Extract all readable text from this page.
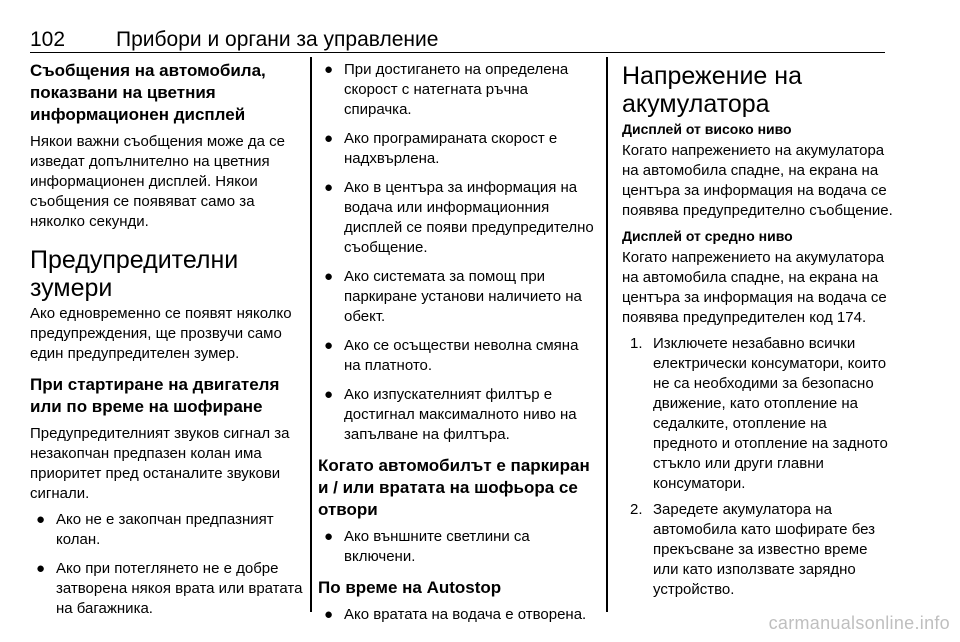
102 Прибори и органи за управление
Съобщения на автомобила, показвани на цветния информационен дисплей
Някои важни съобщения може да се изведат допълнително на цветния информационен дисплей. Някои съобщения се появяват само за няколко секунди.
Предупредителни зумери
Ако едновременно се появят няколко предупреждения, ще прозвучи само един предупредителен зумер.
При стартиране на двигателя или по време на шофиране
Предупредителният звуков сигнал за незакопчан предпазен колан има приоритет пред останалите звукови сигнали.
● Ако не е закопчан предпазният колан.
● Ако при потеглянето не е добре затворена някоя врата или вратата на багажника.
● При достигането на определена скорост с натегната ръчна спирачка.
● Ако програмираната скорост е надхвърлена.
● Ако в центъра за информация на водача или информационния дисплей се появи предупредително съобщение.
● Ако системата за помощ при паркиране установи наличието на обект.
● Ако се осъществи неволна смяна на платното.
● Ако изпускателният филтър е достигнал максималното ниво на запълване на филтъра.
Когато автомобилът е паркиран и / или вратата на шофьора се отвори
● Ако външните светлини са включени.
По време на Autostop
● Ако вратата на водача е отворена.
Напрежение на акумулатора
Дисплей от високо ниво
Когато напрежението на акумулатора на автомобила спадне, на екрана на центъра за информация на водача се появява предупредително съобщение.
Дисплей от средно ниво
Когато напрежението на акумулатора на автомобила спадне, на екрана на центъра за информация на водача се появява предупредителен код 174.
1. Изключете незабавно всички електрически консуматори, които не са необходими за безопасно движение, като отопление на седалките, отопление на предното и отопление на задното стъкло или други главни консуматори.
2. Заредете акумулатора на автомобила като шофирате без прекъсване за известно време или като използвате зарядно устройство.
carmanualsonline.info
